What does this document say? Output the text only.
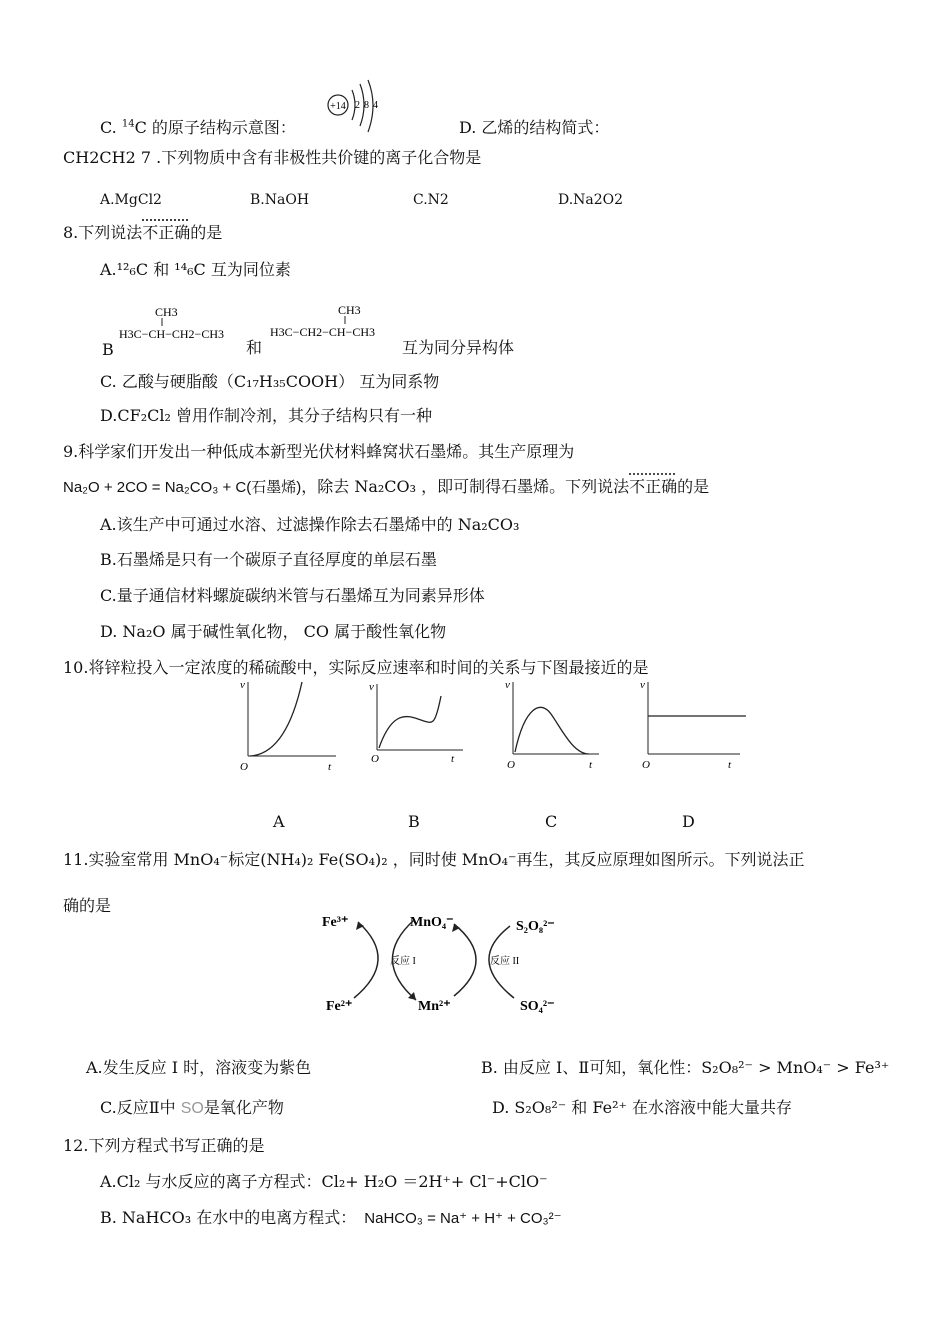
C. $^{14}$C 的原子结构示意图：
+14 2 8 4
D. 乙烯的结构简式：
CH2CH2 7 .下列物质中含有非极性共价键的离子化合物是
A.MgCl2	B.NaOH	C.N2	D.Na2O2
8.下列说法不正确的是
A.¹²₆C 和 ¹⁴₆C 互为同位素
CH3
H3C−CH−CH2−CH3
B	和
CH3
H3C−CH2−CH−CH3
互为同分异构体
C. 乙酸与硬脂酸（C₁₇H₃₅COOH） 互为同系物
D.CF₂Cl₂ 曾用作制冷剂，其分子结构只有一种
9.科学家们开发出一种低成本新型光伏材料蜂窝状石墨烯。其生产原理为
Na₂O + 2CO = Na₂CO₃ + C(石墨烯)，除去 Na₂CO₃ ，即可制得石墨烯。下列说法不正确的是
A.该生产中可通过水溶、过滤操作除去石墨烯中的 Na₂CO₃
B.石墨烯是只有一个碳原子直径厚度的单层石墨
C.量子通信材料螺旋碳纳米管与石墨烯互为同素异形体
D. Na₂O 属于碱性氧化物， CO 属于酸性氧化物
10.将锌粒投入一定浓度的稀硫酸中，实际反应速率和时间的关系与下图最接近的是
v
t
O
v
t
O
v
t
O
v
t
O
A	B	C	D
11.实验室常用 MnO₄⁻标定(NH₄)₂ Fe(SO₄)₂ ，同时使 MnO₄⁻再生，其反应原理如图所示。下列说法正
确的是
Fe³⁺
Fe²⁺
MnO₄⁻
Mn²⁺
S₂O₈²⁻
SO₄²⁻
反应 I	反应 II
A.发生反应 Ⅰ 时，溶液变为紫色	B. 由反应 I、Ⅱ可知，氧化性：S₂O₈²⁻ > MnO₄⁻ > Fe³⁺
C.反应Ⅱ中 SO是氧化产物	D. S₂O₈²⁻ 和 Fe²⁺ 在水溶液中能大量共存
12.下列方程式书写正确的是
A.Cl₂ 与水反应的离子方程式：Cl₂+ H₂O ＝2H⁺+ Cl⁻+ClO⁻
B. NaHCO₃ 在水中的电离方程式： NaHCO₃ = Na⁺ + H⁺ + CO₃²⁻
